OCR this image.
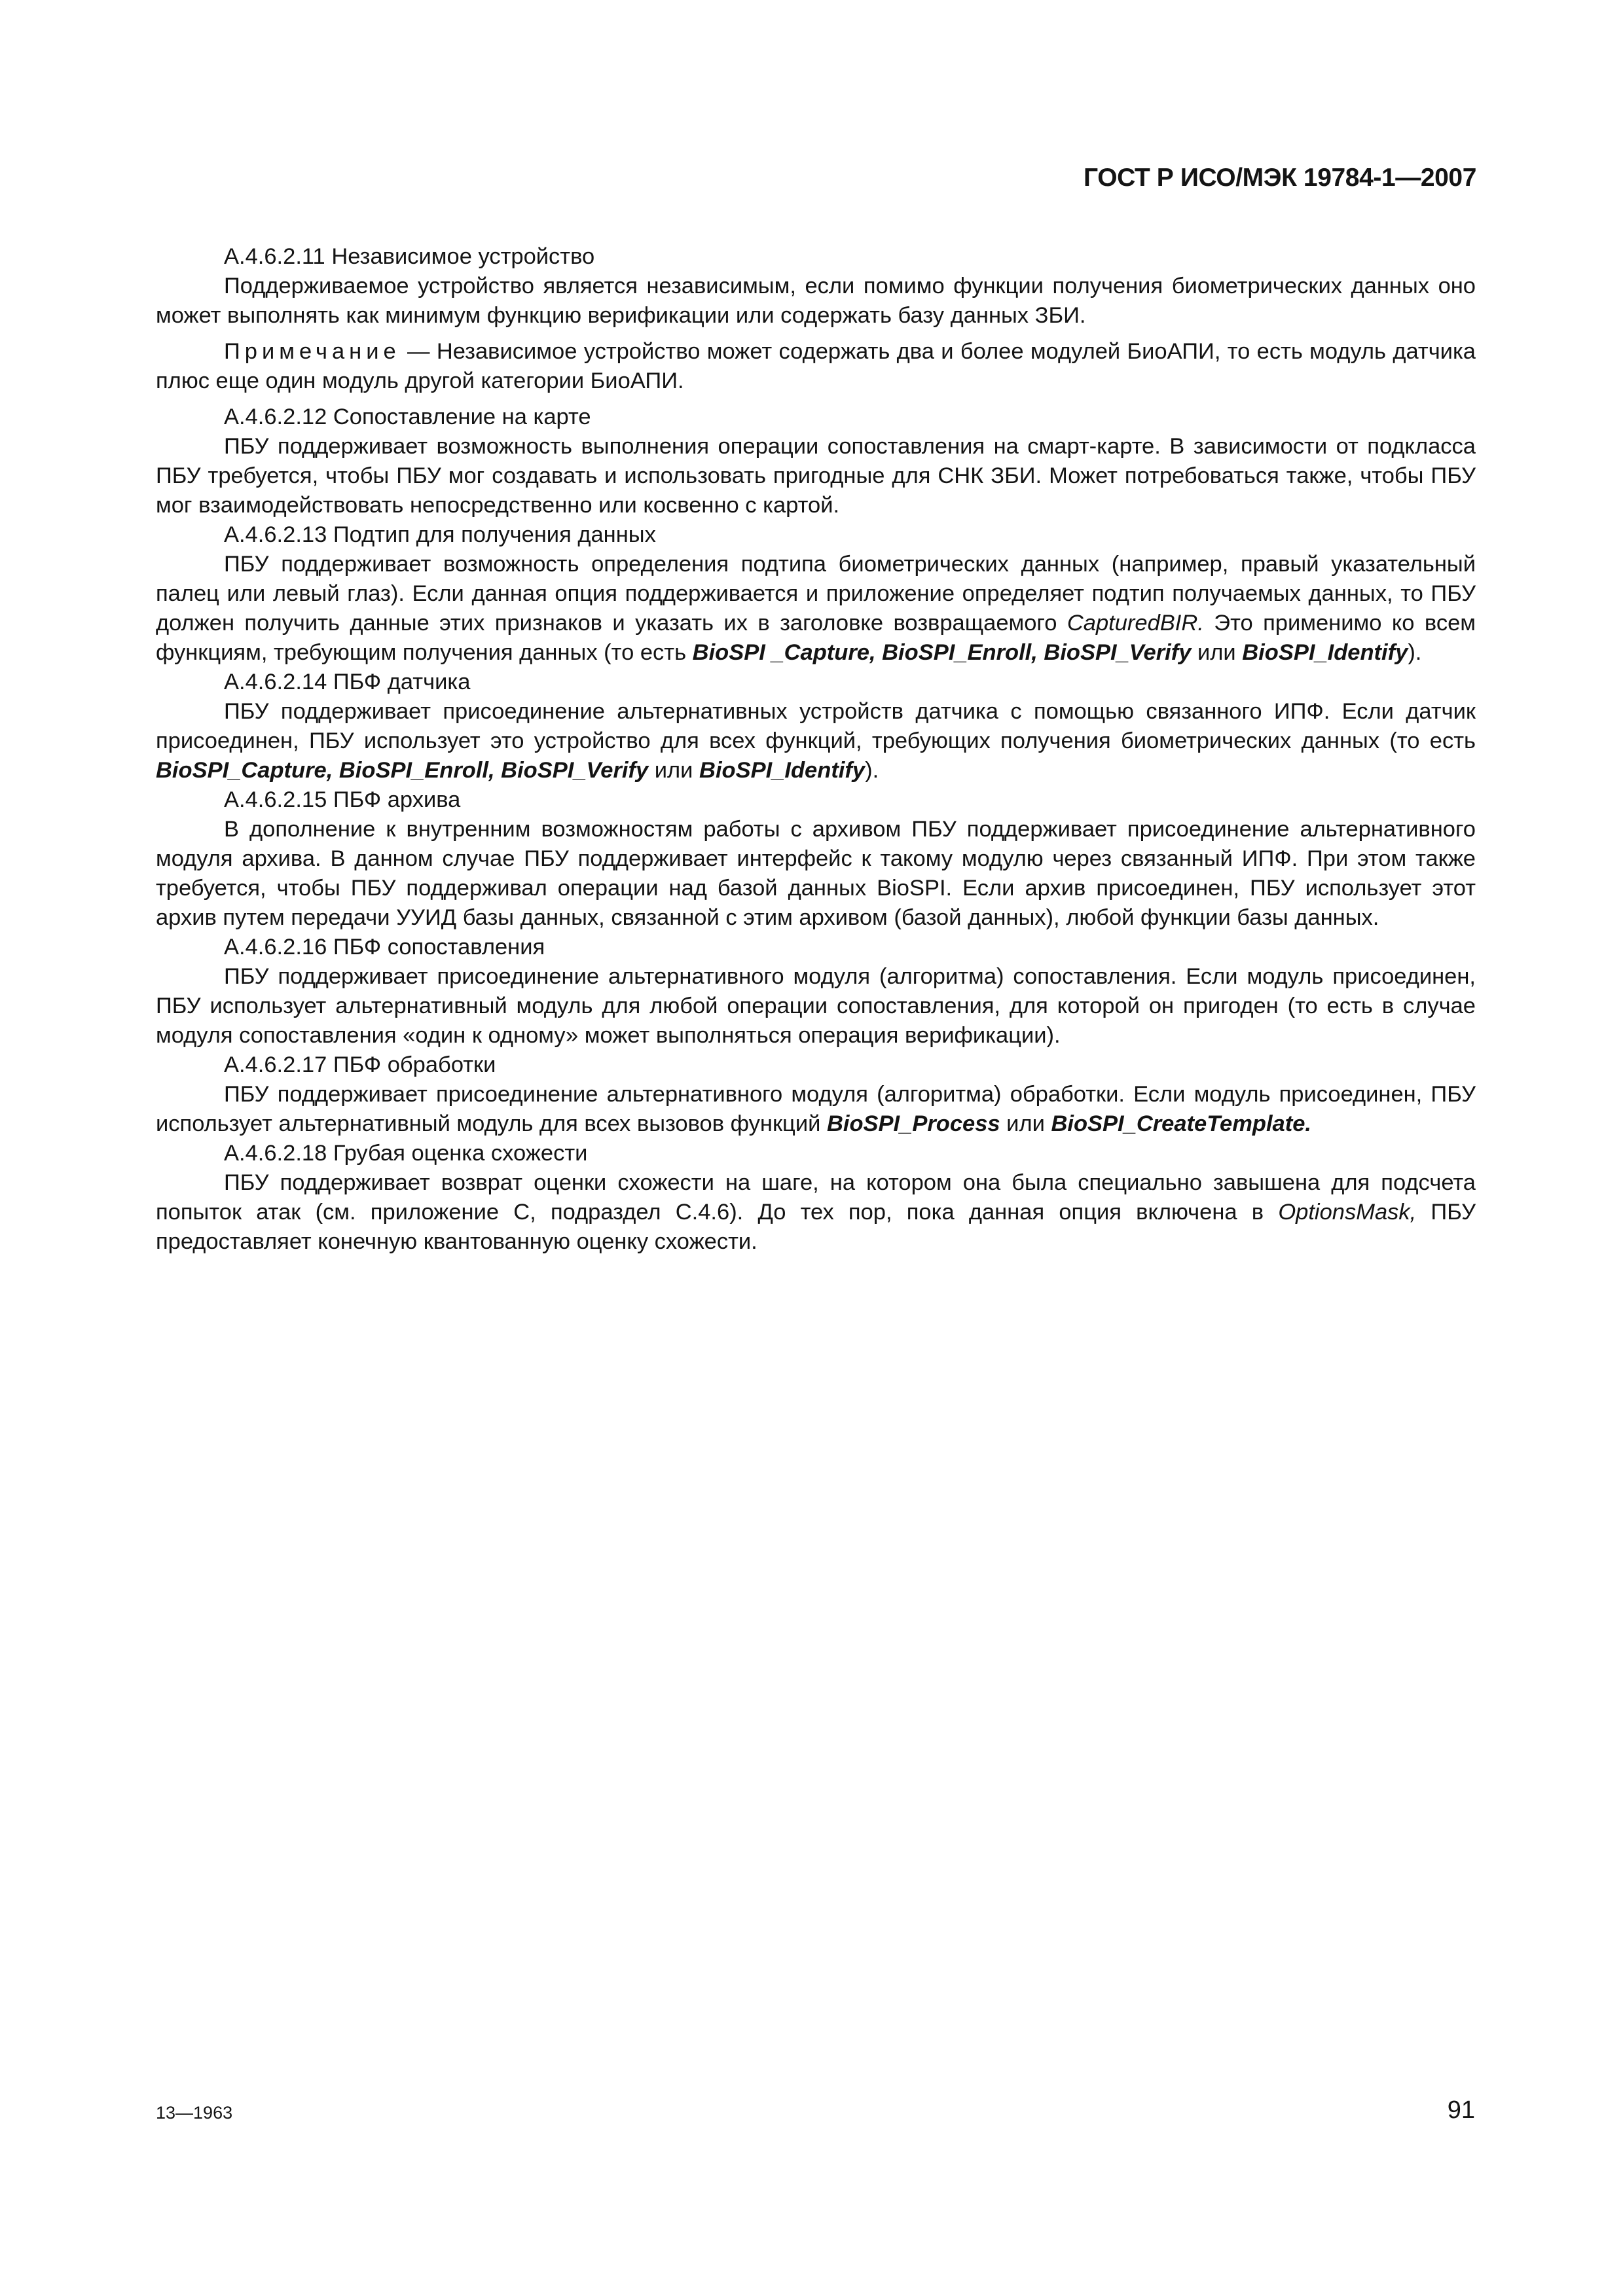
ГОСТ Р ИСО/МЭК 19784-1—2007

А.4.6.2.11 Независимое устройство

Поддерживаемое устройство является независимым, если помимо функции получения биометрических данных оно может выполнять как минимум функцию верификации или содержать базу данных ЗБИ.

Примечание — Независимое устройство может содержать два и более модулей БиоАПИ, то есть модуль датчика плюс еще один модуль другой категории БиоАПИ.

А.4.6.2.12 Сопоставление на карте

ПБУ поддерживает возможность выполнения операции сопоставления на смарт-карте. В зависимости от подкласса ПБУ требуется, чтобы ПБУ мог создавать и использовать пригодные для СНК ЗБИ. Может потребоваться также, чтобы ПБУ мог взаимодействовать непосредственно или косвенно с картой.

А.4.6.2.13 Подтип для получения данных

ПБУ поддерживает возможность определения подтипа биометрических данных (например, правый указательный палец или левый глаз). Если данная опция поддерживается и приложение определяет подтип получаемых данных, то ПБУ должен получить данные этих признаков и указать их в заголовке возвращаемого CapturedBIR. Это применимо ко всем функциям, требующим получения данных (то есть BioSPI _Capture, BioSPI_Enroll, BioSPI_Verify или BioSPI_Identify).

А.4.6.2.14 ПБФ датчика

ПБУ поддерживает присоединение альтернативных устройств датчика с помощью связанного ИПФ. Если датчик присоединен, ПБУ использует это устройство для всех функций, требующих получения биометрических данных (то есть BioSPI_Capture, BioSPI_Enroll, BioSPI_Verify или BioSPI_Identify).

А.4.6.2.15 ПБФ архива

В дополнение к внутренним возможностям работы с архивом ПБУ поддерживает присоединение альтернативного модуля архива. В данном случае ПБУ поддерживает интерфейс к такому модулю через связанный ИПФ. При этом также требуется, чтобы ПБУ поддерживал операции над базой данных BioSPI. Если архив присоединен, ПБУ использует этот архив путем передачи УУИД базы данных, связанной с этим архивом (базой данных), любой функции базы данных.

А.4.6.2.16 ПБФ сопоставления

ПБУ поддерживает присоединение альтернативного модуля (алгоритма) сопоставления. Если модуль присоединен, ПБУ использует альтернативный модуль для любой операции сопоставления, для которой он пригоден (то есть в случае модуля сопоставления «один к одному» может выполняться операция верификации).

А.4.6.2.17 ПБФ обработки

ПБУ поддерживает присоединение альтернативного модуля (алгоритма) обработки. Если модуль присоединен, ПБУ использует альтернативный модуль для всех вызовов функций BioSPI_Process или BioSPI_CreateTemplate.

А.4.6.2.18 Грубая оценка схожести

ПБУ поддерживает возврат оценки схожести на шаге, на котором она была специально завышена для подсчета попыток атак (см. приложение С, подраздел С.4.6). До тех пор, пока данная опция включена в OptionsMask, ПБУ предоставляет конечную квантованную оценку схожести.

13—1963	91
